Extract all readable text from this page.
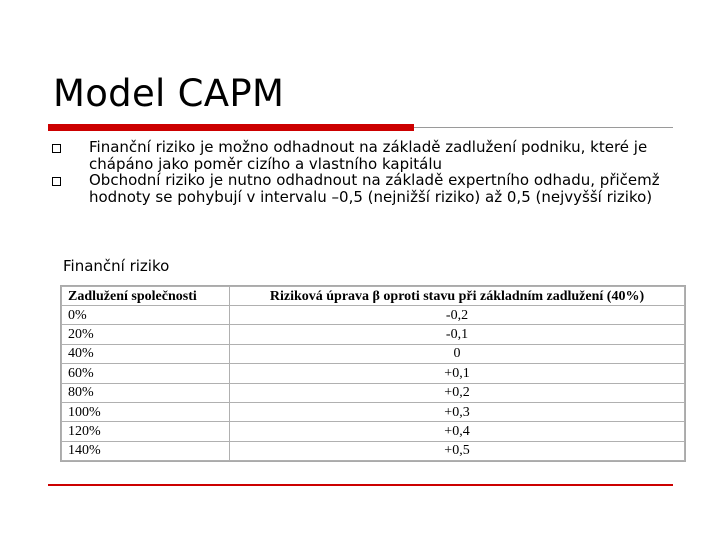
Model CAPM
Finanční riziko je možno odhadnout na základě zadlužení podniku, které je chápáno jako poměr cizího a vlastního kapitálu
Obchodní riziko je nutno odhadnout na základě expertního odhadu, přičemž hodnoty se pohybují v intervalu –0,5 (nejnižší riziko) až 0,5 (nejvyšší riziko)
Finanční riziko
Zadlužení společnosti	Riziková úprava β oproti stavu při základním zadlužení (40%)
0%	-0,2
20%	-0,1
40%	0
60%	+0,1
80%	+0,2
100%	+0,3
120%	+0,4
140%	+0,5
